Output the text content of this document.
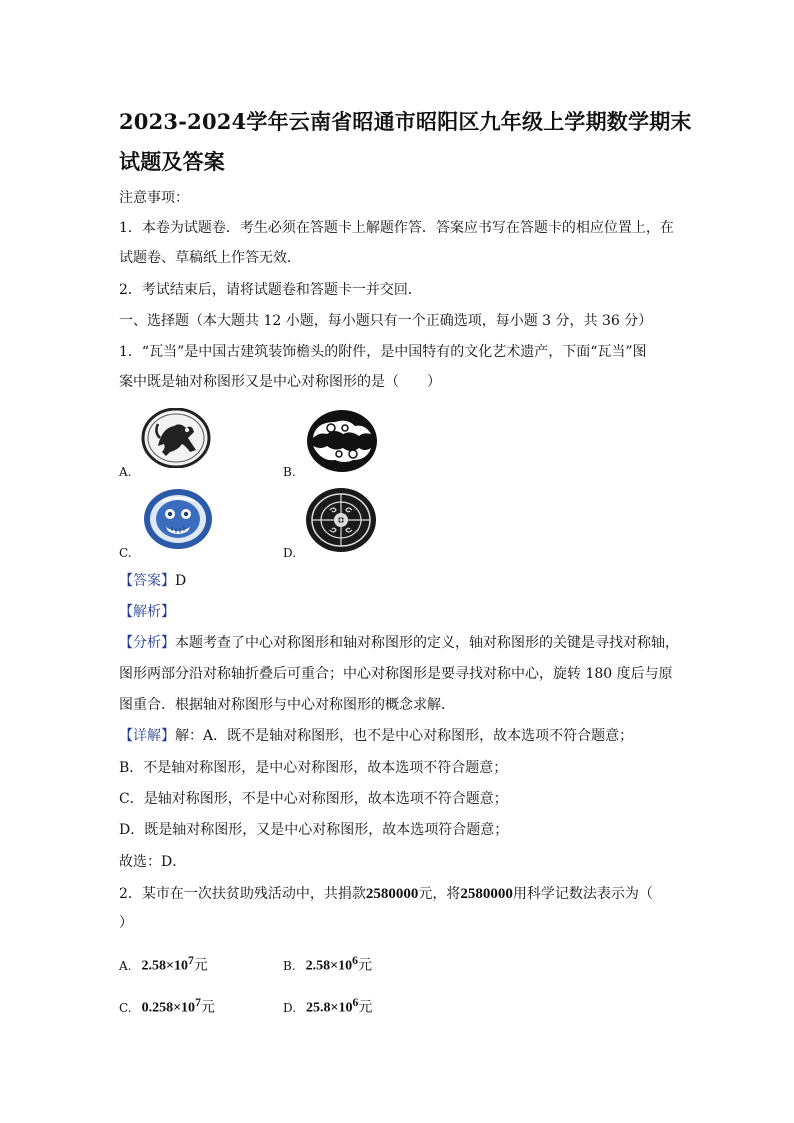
2023-2024学年云南省昭通市昭阳区九年级上学期数学期末
试题及答案
注意事项：
1．本卷为试题卷．考生必须在答题卡上解题作答．答案应书写在答题卡的相应位置上，在
试题卷、草稿纸上作答无效．
2．考试结束后，请将试题卷和答题卡一并交回．
一、选择题（本大题共 12 小题，每小题只有一个正确选项，每小题 3 分，共 36 分）
1．“瓦当”是中国古建筑装饰檐头的附件，是中国特有的文化艺术遗产，下面“瓦当”图
案中既是轴对称图形又是中心对称图形的是（　　）
A.	B.
C.	D.
【答案】D
【解析】
【分析】本题考查了中心对称图形和轴对称图形的定义，轴对称图形的关键是寻找对称轴，
图形两部分沿对称轴折叠后可重合；中心对称图形是要寻找对称中心，旋转 180 度后与原
图重合．根据轴对称图形与中心对称图形的概念求解．
【详解】解：A．既不是轴对称图形，也不是中心对称图形，故本选项不符合题意；
B．不是轴对称图形，是中心对称图形，故本选项不符合题意；
C．是轴对称图形，不是中心对称图形，故本选项不符合题意；
D．既是轴对称图形，又是中心对称图形，故本选项符合题意；
故选：D．
2．某市在一次扶贫助残活动中，共捐款2580000元，将2580000用科学记数法表示为（
）
A. $2.58\times 10^7$元	B. $2.58\times 10^6$元
C. $0.258\times 10^7$元	D. $25.8\times 10^6$元
